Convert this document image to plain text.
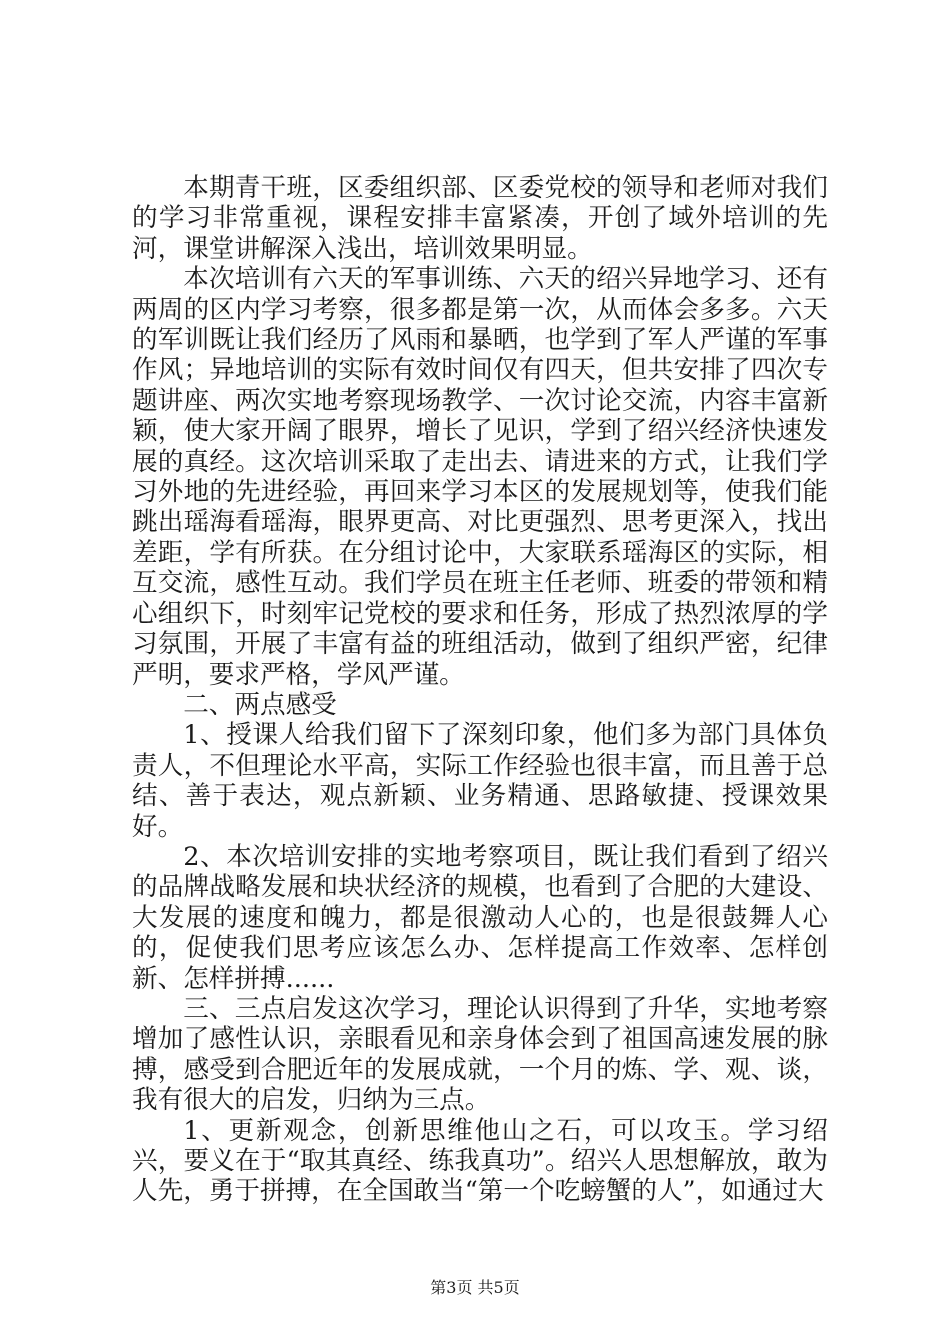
本期青干班，区委组织部、区委党校的领导和老师对我们的学习非常重视，课程安排丰富紧凑，开创了域外培训的先河，课堂讲解深入浅出，培训效果明显。

本次培训有六天的军事训练、六天的绍兴异地学习、还有两周的区内学习考察，很多都是第一次，从而体会多多。六天的军训既让我们经历了风雨和暴晒，也学到了军人严谨的军事作风；异地培训的实际有效时间仅有四天，但共安排了四次专题讲座、两次实地考察现场教学、一次讨论交流，内容丰富新颖，使大家开阔了眼界，增长了见识，学到了绍兴经济快速发展的真经。这次培训采取了走出去、请进来的方式，让我们学习外地的先进经验，再回来学习本区的发展规划等，使我们能跳出瑶海看瑶海，眼界更高、对比更强烈、思考更深入，找出差距，学有所获。在分组讨论中，大家联系瑶海区的实际，相互交流，感性互动。我们学员在班主任老师、班委的带领和精心组织下，时刻牢记党校的要求和任务，形成了热烈浓厚的学习氛围，开展了丰富有益的班组活动，做到了组织严密，纪律严明，要求严格，学风严谨。

二、两点感受

1、授课人给我们留下了深刻印象，他们多为部门具体负责人，不但理论水平高，实际工作经验也很丰富，而且善于总结、善于表达，观点新颖、业务精通、思路敏捷、授课效果好。

2、本次培训安排的实地考察项目，既让我们看到了绍兴的品牌战略发展和块状经济的规模，也看到了合肥的大建设、大发展的速度和魄力，都是很激动人心的，也是很鼓舞人心的，促使我们思考应该怎么办、怎样提高工作效率、怎样创新、怎样拼搏......

三、三点启发这次学习，理论认识得到了升华，实地考察增加了感性认识，亲眼看见和亲身体会到了祖国高速发展的脉搏，感受到合肥近年的发展成就，一个月的炼、学、观、谈，我有很大的启发，归纳为三点。

1、更新观念，创新思维他山之石，可以攻玉。学习绍兴，要义在于“取其真经、练我真功”。绍兴人思想解放，敢为人先，勇于拼搏，在全国敢当“第一个吃螃蟹的人”，如通过大

第3页 共5页
